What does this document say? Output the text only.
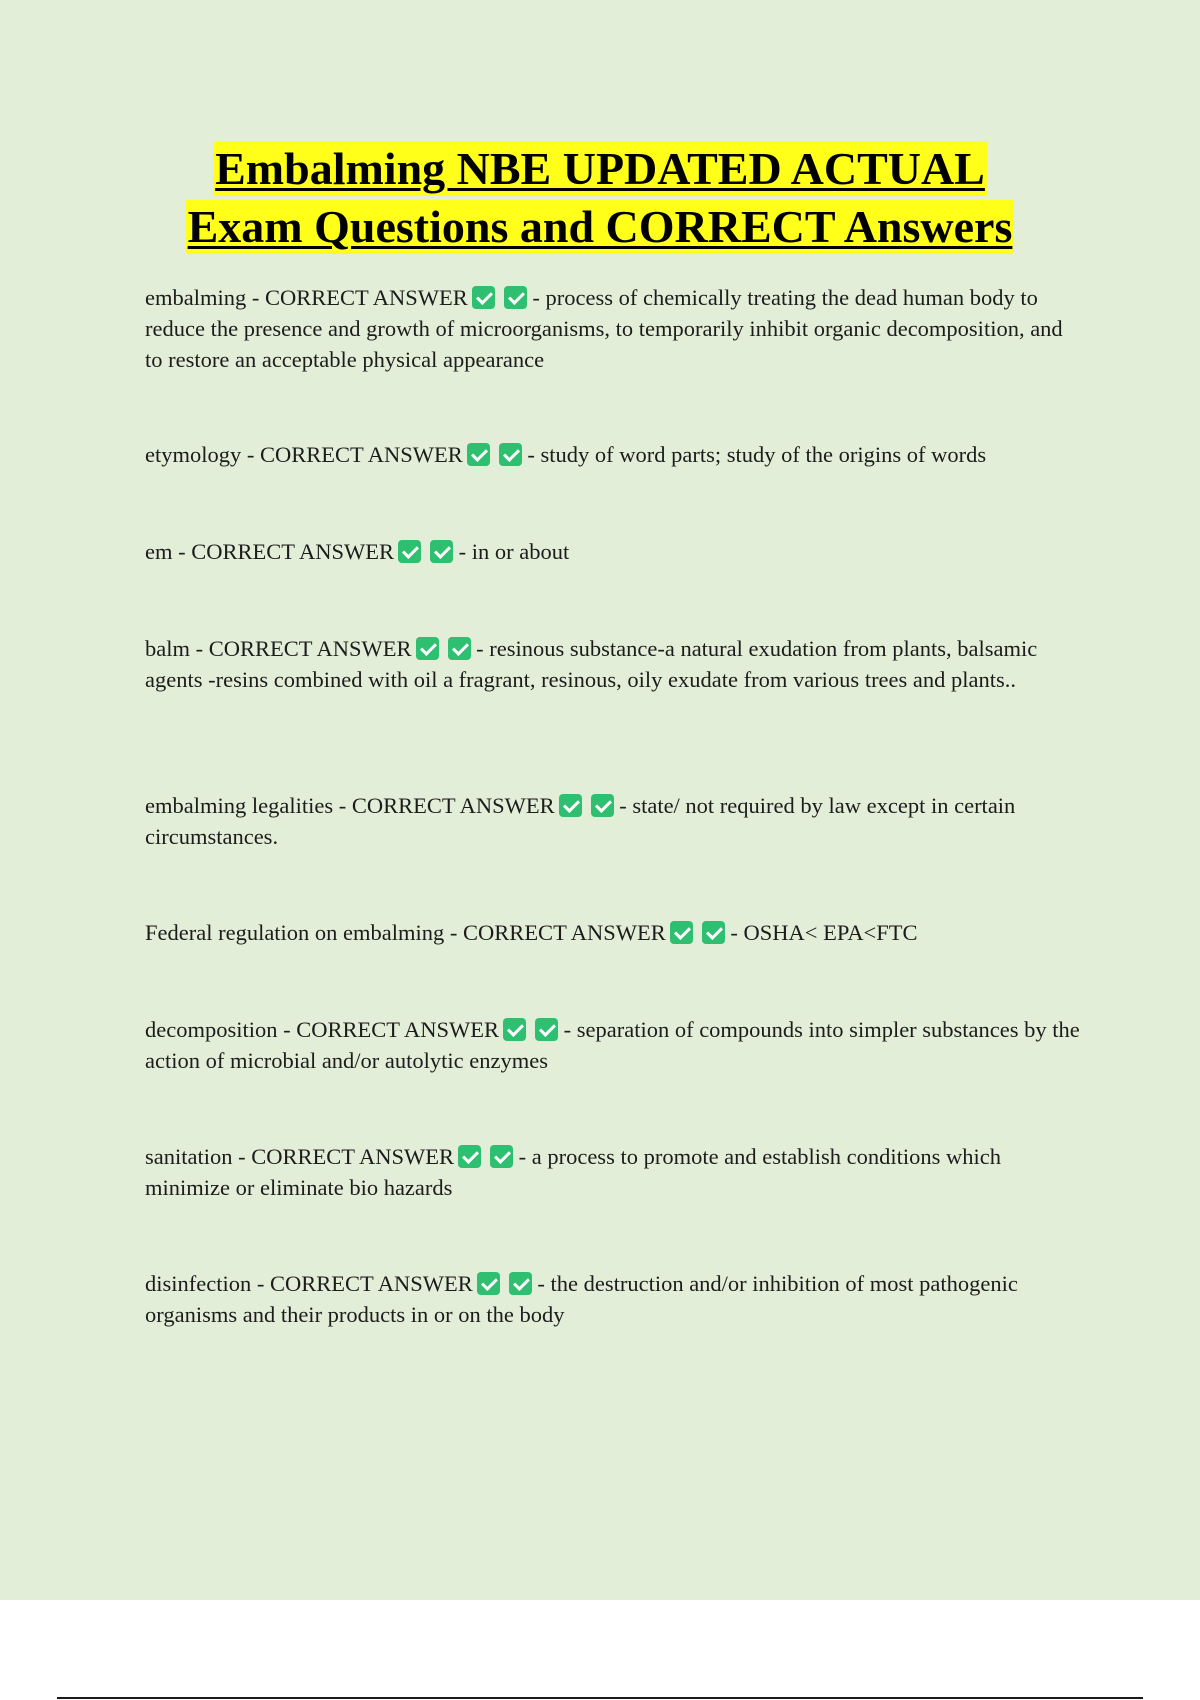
Embalming NBE UPDATED ACTUAL
Exam Questions and CORRECT Answers

embalming - CORRECT ANSWER	- process of chemically treating the dead human body to reduce the presence and growth of microorganisms, to temporarily inhibit organic decomposition, and to restore an acceptable physical appearance

etymology - CORRECT ANSWER	- study of word parts; study of the origins of words

em - CORRECT ANSWER	- in or about

balm - CORRECT ANSWER	- resinous substance-a natural exudation from plants, balsamic agents -resins combined with oil a fragrant, resinous, oily exudate from various trees and plants..

embalming legalities - CORRECT ANSWER	- state/ not required by law except in certain circumstances.

Federal regulation on embalming - CORRECT ANSWER	- OSHA< EPA<FTC

decomposition - CORRECT ANSWER	- separation of compounds into simpler substances by the action of microbial and/or autolytic enzymes

sanitation - CORRECT ANSWER	- a process to promote and establish conditions which minimize or eliminate bio hazards

disinfection - CORRECT ANSWER	- the destruction and/or inhibition of most pathogenic organisms and their products in or on the body
